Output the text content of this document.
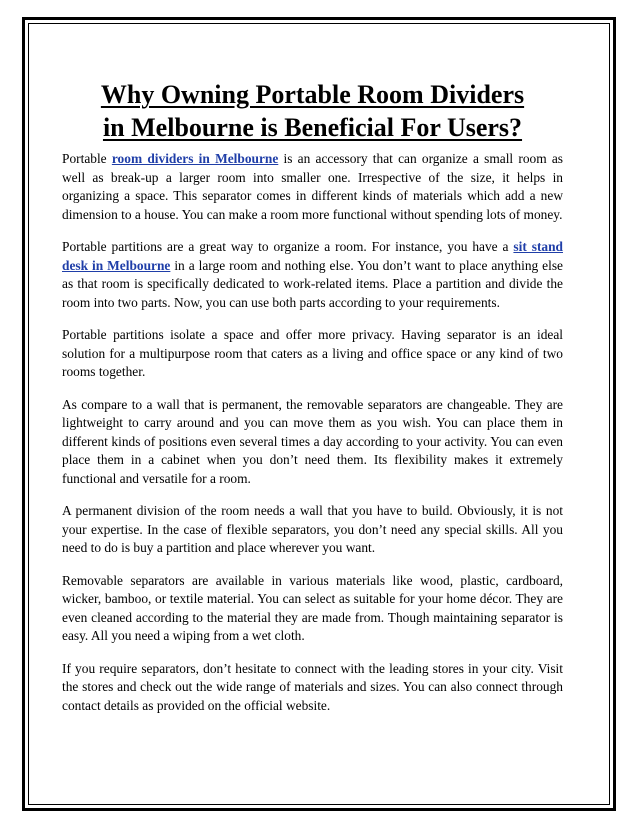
Why Owning Portable Room Dividers
in Melbourne is Beneficial For Users?

Portable room dividers in Melbourne is an accessory that can organize a small room as well as break-up a larger room into smaller one. Irrespective of the size, it helps in organizing a space. This separator comes in different kinds of materials which add a new dimension to a house. You can make a room more functional without spending lots of money.

Portable partitions are a great way to organize a room. For instance, you have a sit stand desk in Melbourne in a large room and nothing else. You don’t want to place anything else as that room is specifically dedicated to work-related items. Place a partition and divide the room into two parts. Now, you can use both parts according to your requirements.

Portable partitions isolate a space and offer more privacy. Having separator is an ideal solution for a multipurpose room that caters as a living and office space or any kind of two rooms together.

As compare to a wall that is permanent, the removable separators are changeable. They are lightweight to carry around and you can move them as you wish. You can place them in different kinds of positions even several times a day according to your activity. You can even place them in a cabinet when you don’t need them. Its flexibility makes it extremely functional and versatile for a room.

A permanent division of the room needs a wall that you have to build. Obviously, it is not your expertise. In the case of flexible separators, you don’t need any special skills. All you need to do is buy a partition and place wherever you want.

Removable separators are available in various materials like wood, plastic, cardboard, wicker, bamboo, or textile material. You can select as suitable for your home décor. They are even cleaned according to the material they are made from. Though maintaining separator is easy. All you need a wiping from a wet cloth.

If you require separators, don’t hesitate to connect with the leading stores in your city. Visit the stores and check out the wide range of materials and sizes. You can also connect through contact details as provided on the official website.
